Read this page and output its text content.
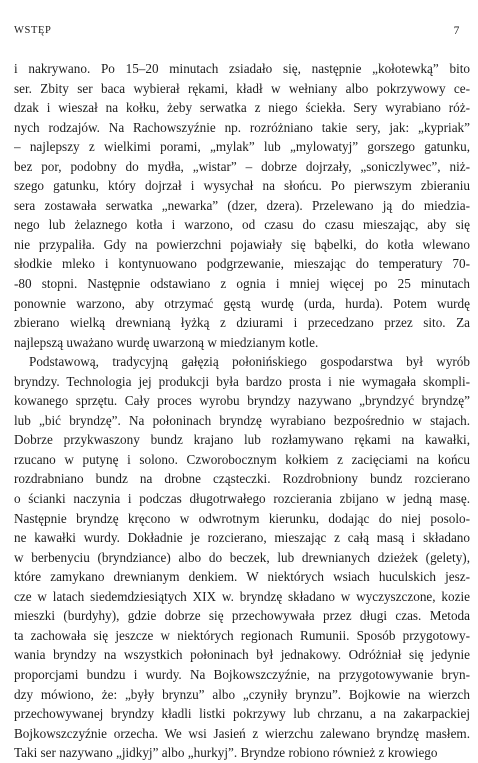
WSTĘP	7
i nakrywano. Po 15–20 minutach zsiadało się, następnie „kołotewką” bito
ser. Zbity ser baca wybierał rękami, kładł w wełniany albo pokrzywowy ce-
dzak i wieszał na kołku, żeby serwatka z niego ściekła. Sery wyrabiano róż-
nych rodzajów. Na Rachowszyźnie np. rozróżniano takie sery, jak: „kypriak”
– najlepszy z wielkimi porami, „mylak” lub „mylowatyj” gorszego gatunku,
bez por, podobny do mydła, „wistar” – dobrze dojrzały, „soniczlywec”, niż-
szego gatunku, który dojrzał i wysychał na słońcu. Po pierwszym zbieraniu
sera zostawała serwatka „newarka” (dzer, dzera). Przelewano ją do miedzia-
nego lub żelaznego kotła i warzono, od czasu do czasu mieszając, aby się
nie przypaliła. Gdy na powierzchni pojawiały się bąbelki, do kotła wlewano
słodkie mleko i kontynuowano podgrzewanie, mieszając do temperatury 70-
-80 stopni. Następnie odstawiano z ognia i mniej więcej po 25 minutach
ponownie warzono, aby otrzymać gęstą wurdę (urda, hurda). Potem wurdę
zbierano wielką drewnianą łyżką z dziurami i przecedzano przez sito. Za
najlepszą uważano wurdę uwarzoną w miedzianym kotle.
Podstawową, tradycyjną gałęzią połonińskiego gospodarstwa był wyrób
bryndzy. Technologia jej produkcji była bardzo prosta i nie wymagała skompli-
kowanego sprzętu. Cały proces wyrobu bryndzy nazywano „bryndzyć bryndzę”
lub „bić bryndzę”. Na połoninach bryndzę wyrabiano bezpośrednio w stajach.
Dobrze przykwaszony bundz krajano lub rozłamywano rękami na kawałki,
rzucano w putynę i solono. Czworobocznym kołkiem z zacięciami na końcu
rozdrabniano bundz na drobne cząsteczki. Rozdrobniony bundz rozcierano
o ścianki naczynia i podczas długotrwałego rozcierania zbijano w jedną masę.
Następnie bryndzę kręcono w odwrotnym kierunku, dodając do niej posolo-
ne kawałki wurdy. Dokładnie je rozcierano, mieszając z całą masą i składano
w berbenyciu (bryndziance) albo do beczek, lub drewnianych dzieżek (gelety),
które zamykano drewnianym denkiem. W niektórych wsiach huculskich jesz-
cze w latach siedemdziesiątych XIX w. bryndzę składano w wyczyszczone, kozie
mieszki (burdyhy), gdzie dobrze się przechowywała przez długi czas. Metoda
ta zachowała się jeszcze w niektórych regionach Rumunii. Sposób przygotowy-
wania bryndzy na wszystkich połoninach był jednakowy. Odróżniał się jedynie
proporcjami bundzu i wurdy. Na Bojkowszczyźnie, na przygotowywanie bryn-
dzy mówiono, że: „były brynzu” albo „czyniły brynzu”. Bojkowie na wierzch
przechowywanej bryndzy kładli listki pokrzywy lub chrzanu, a na zakarpackiej
Bojkowszczyźnie orzecha. We wsi Jasień z wierzchu zalewano bryndzę masłem.
Taki ser nazywano „jidkyj” albo „hurkyj”. Bryndze robiono również z krowiego
